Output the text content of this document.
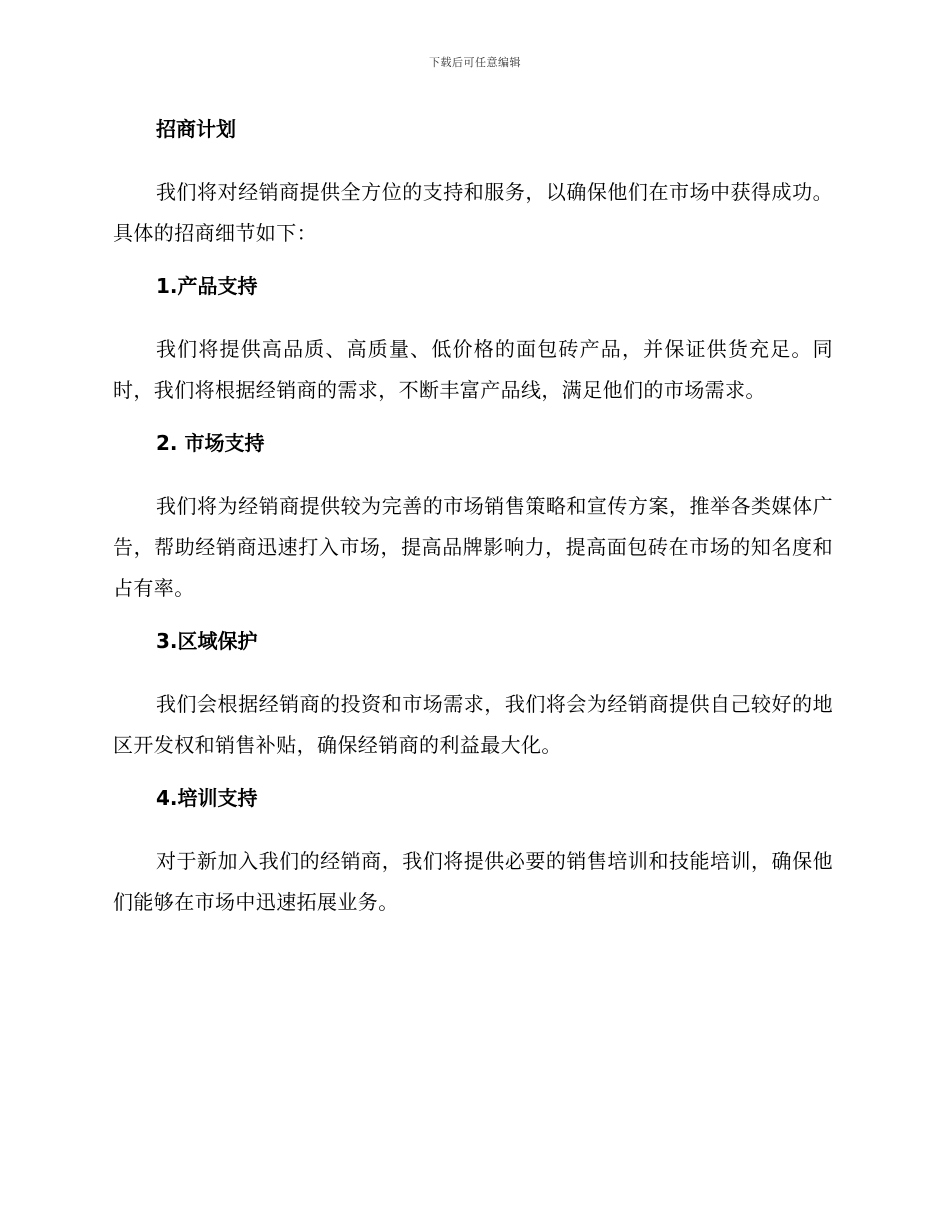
下载后可任意编辑
招商计划
我们将对经销商提供全方位的支持和服务，以确保他们在市场中获得成功。具体的招商细节如下：
1.产品支持
我们将提供高品质、高质量、低价格的面包砖产品，并保证供货充足。同时，我们将根据经销商的需求，不断丰富产品线，满足他们的市场需求。
2. 市场支持
我们将为经销商提供较为完善的市场销售策略和宣传方案，推举各类媒体广告，帮助经销商迅速打入市场，提高品牌影响力，提高面包砖在市场的知名度和占有率。
3.区域保护
我们会根据经销商的投资和市场需求，我们将会为经销商提供自己较好的地区开发权和销售补贴，确保经销商的利益最大化。
4.培训支持
对于新加入我们的经销商，我们将提供必要的销售培训和技能培训，确保他们能够在市场中迅速拓展业务。
